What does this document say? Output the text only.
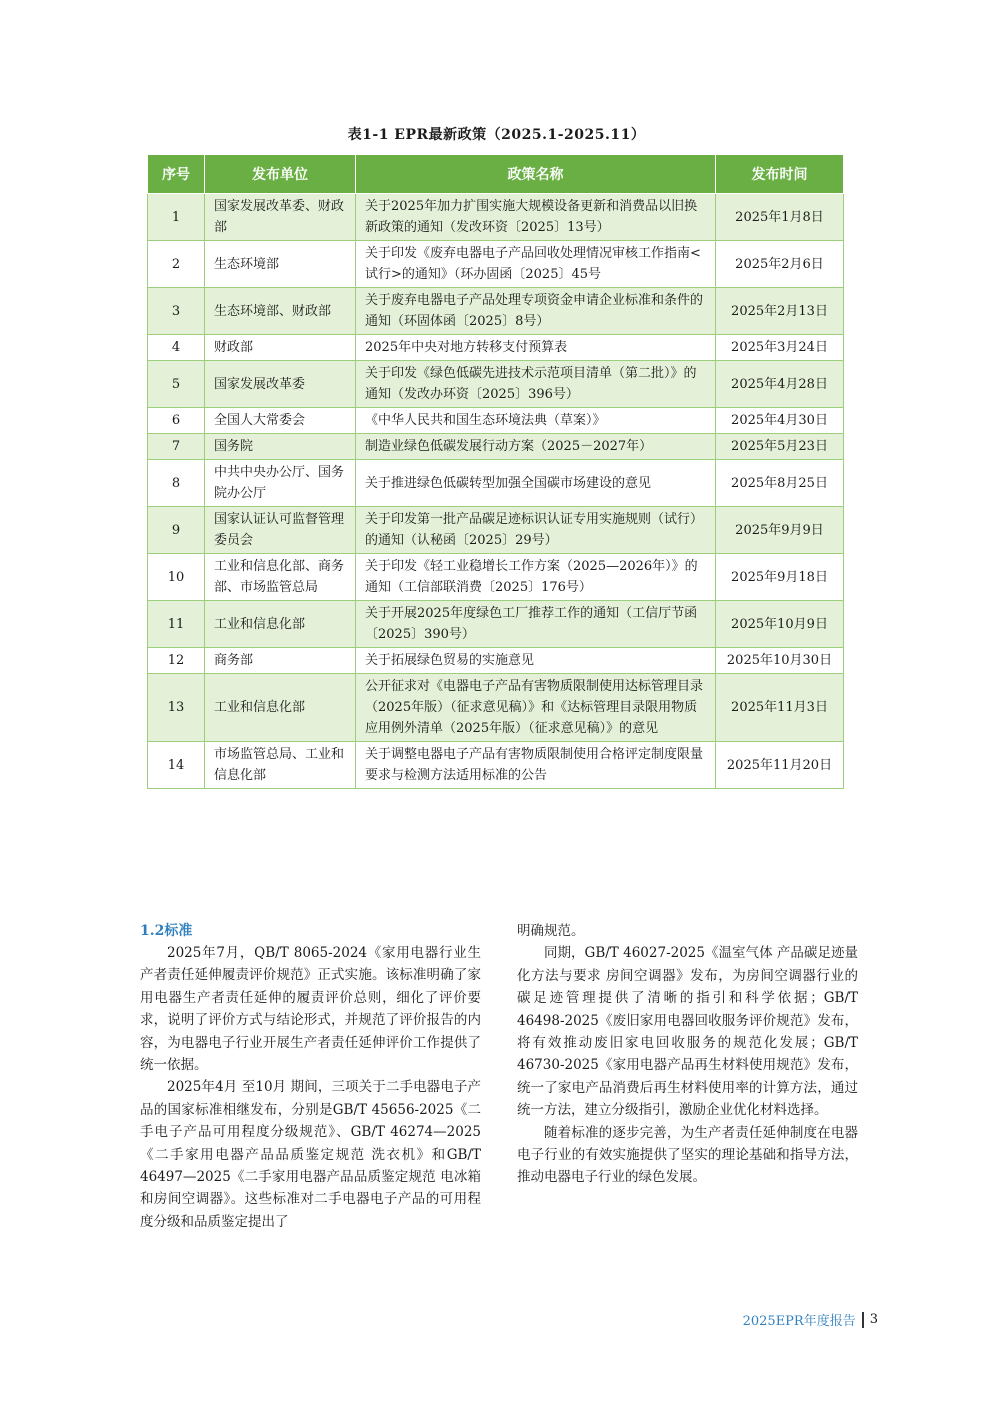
表1-1 EPR最新政策（2025.1-2025.11）
序号	发布单位	政策名称	发布时间
1	国家发展改革委、财政部	关于2025年加力扩围实施大规模设备更新和消费品以旧换新政策的通知（发改环资〔2025〕13号）	2025年1月8日
2	生态环境部	关于印发《废弃电器电子产品回收处理情况审核工作指南<试行>的通知》（环办固函〔2025〕45号	2025年2月6日
3	生态环境部、财政部	关于废弃电器电子产品处理专项资金申请企业标准和条件的通知（环固体函〔2025〕8号）	2025年2月13日
4	财政部	2025年中央对地方转移支付预算表	2025年3月24日
5	国家发展改革委	关于印发《绿色低碳先进技术示范项目清单（第二批）》的通知（发改办环资〔2025〕396号）	2025年4月28日
6	全国人大常委会	《中华人民共和国生态环境法典（草案）》	2025年4月30日
7	国务院	制造业绿色低碳发展行动方案（2025－2027年）	2025年5月23日
8	中共中央办公厅、国务院办公厅	关于推进绿色低碳转型加强全国碳市场建设的意见	2025年8月25日
9	国家认证认可监督管理委员会	关于印发第一批产品碳足迹标识认证专用实施规则（试行）的通知（认秘函〔2025〕29号）	2025年9月9日
10	工业和信息化部、商务部、市场监管总局	关于印发《轻工业稳增长工作方案（2025—2026年）》的通知（工信部联消费〔2025〕176号）	2025年9月18日
11	工业和信息化部	关于开展2025年度绿色工厂推荐工作的通知（工信厅节函〔2025〕390号）	2025年10月9日
12	商务部	关于拓展绿色贸易的实施意见	2025年10月30日
13	工业和信息化部	公开征求对《电器电子产品有害物质限制使用达标管理目录（2025年版）（征求意见稿）》和《达标管理目录限用物质应用例外清单（2025年版）（征求意见稿）》的意见	2025年11月3日
14	市场监管总局、工业和信息化部	关于调整电器电子产品有害物质限制使用合格评定制度限量要求与检测方法适用标准的公告	2025年11月20日
1.2标准

2025年7月，QB/T 8065-2024《家用电器行业生产者责任延伸履责评价规范》正式实施。该标准明确了家用电器生产者责任延伸的履责评价总则，细化了评价要求，说明了评价方式与结论形式，并规范了评价报告的内容，为电器电子行业开展生产者责任延伸评价工作提供了统一依据。

2025年4月 至10月 期间，三项关于二手电器电子产品的国家标准相继发布，分别是GB/T 45656-2025《二手电子产品可用程度分级规范》、GB/T 46274—2025《二手家用电器产品品质鉴定规范 洗衣机》和GB/T 46497—2025《二手家用电器产品品质鉴定规范 电冰箱和房间空调器》。这些标准对二手电器电子产品的可用程度分级和品质鉴定提出了

明确规范。

同期，GB/T 46027-2025《温室气体 产品碳足迹量化方法与要求 房间空调器》发布，为房间空调器行业的碳足迹管理提供了清晰的指引和科学依据；GB/T 46498-2025《废旧家用电器回收服务评价规范》发布，将有效推动废旧家电回收服务的规范化发展；GB/T 46730-2025《家用电器产品再生材料使用规范》发布，统一了家电产品消费后再生材料使用率的计算方法，通过统一方法，建立分级指引，激励企业优化材料选择。

随着标准的逐步完善，为生产者责任延伸制度在电器电子行业的有效实施提供了坚实的理论基础和指导方法，推动电器电子行业的绿色发展。

2025EPR年度报告 3
